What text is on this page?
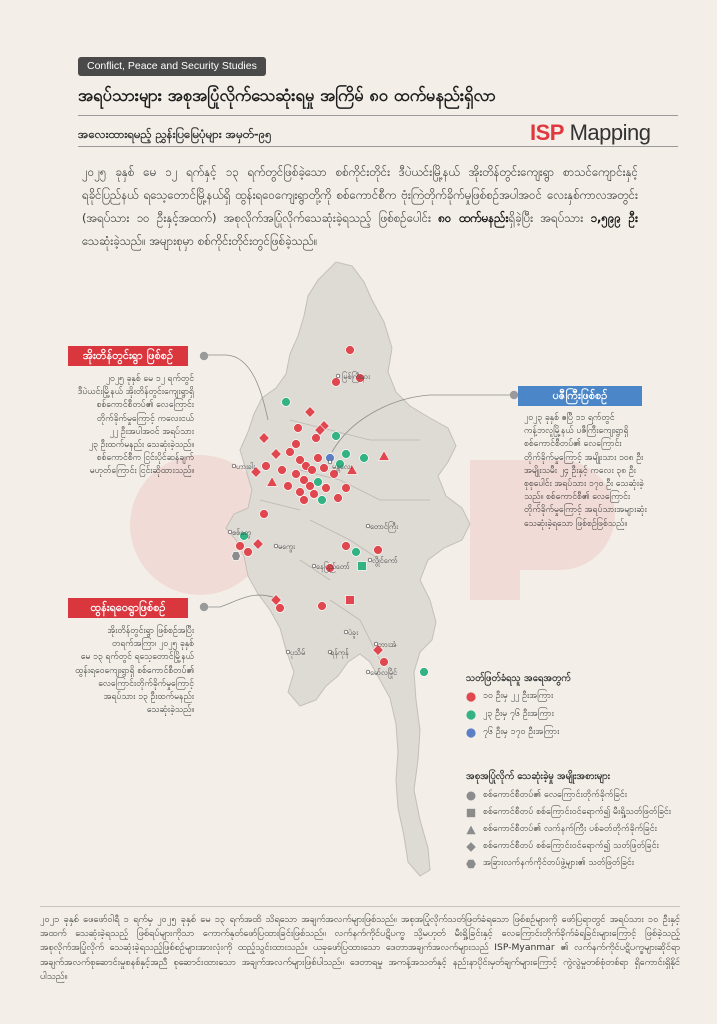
Conflict, Peace and Security Studies
အရပ်သားများ အစုအပြုံလိုက်သေဆုံးရမှု အကြိမ် ၈၀ ထက်မနည်းရှိလာ
အလေးထားရမည့် ညွှန်းပြမြေပုံများ အမှတ်-၉၅	ISP Mapping
၂၀၂၅ ခုနှစ် မေ ၁၂ ရက်နှင့် ၁၃ ရက်တွင်ဖြစ်ခဲ့သော စစ်ကိုင်းတိုင်း ဒီပဲယင်းမြို့နယ် အိုးတိန်တွင်းကျေးရွာ စာသင်ကျောင်းနှင့် ရခိုင်ပြည်နယ် ရသေ့တောင်မြို့နယ်ရှိ ထွန်းရဝေကျေးရွာတို့ကို စစ်ကောင်စီက ဗုံးကြဲတိုက်ခိုက်မှုဖြစ်စဉ်အပါအဝင် လေးနှစ်ကာလအတွင်း (အရပ်သား ၁၀ ဦးနှင့်အထက်) အစုလိုက်အပြုံလိုက်သေဆုံးခဲ့ရသည့် ဖြစ်စဉ်ပေါင်း ၈၀ ထက်မနည်းရှိခဲ့ပြီး အရပ်သား ၁,၅၉၉ ဦး သေဆုံးခဲ့သည်။ အများစုမှာ စစ်ကိုင်းတိုင်းတွင်ဖြစ်ခဲ့သည်။
မြစ်ကြီးနား
မန္တလေး
တောင်ကြီး
နေပြည်တော်
မကွေး
လွိုင်ကော်
ပဲခူး
ရန်ကုန်
ပုသိမ်
ဘားအံ
မော်လမြိုင်
စစ်တွေ
ဟားခါး
အိုးတိန်တွင်းရွာ ဖြစ်စဉ်
၂၀၂၅ ခုနှစ် မေ ၁၂ ရက်တွင်
ဒီပဲယင်းမြို့နယ် အိုးတိန်တွင်းကျေးရွာရှိ
စစ်ကောင်စီတပ်၏ လေကြောင်း
တိုက်ခိုက်မှုကြောင့် ကလေးငယ်
၂၂ ဦးအပါအဝင် အရပ်သား
၂၃ ဦးထက်မနည်း သေဆုံးခဲ့သည်။
စစ်ကောင်စီက ငြင်းပိုင်ဆန်ချက်
မဟုတ်ကြောင်း ငြင်းဆိုထားသည်။
ပဇီကြီးဖြစ်စဉ်
၂၀၂၃ ခုနှစ် ဧပြီ ၁၁ ရက်တွင်
ကန့်ဘလူမြို့နယ် ပဇီကြီးကျေးရွာရှိ
စစ်ကောင်စီတပ်၏ လေကြောင်း
တိုက်ခိုက်မှုကြောင့် အမျိုးသား ၁၀၈ ဦး
အမျိုးသမီး ၂၄ ဦးနှင့် ကလေး ၃၈ ဦး
စုစုပေါင်း အရပ်သား ၁၇၀ ဦး သေဆုံးခဲ့
သည်။ စစ်ကောင်စီ၏ လေကြောင်း
တိုက်ခိုက်မှုကြောင့် အရပ်သားအများဆုံး
သေဆုံးခဲ့ရသော ဖြစ်စဉ်ဖြစ်သည်။
ထွန်းရဝေရွာဖြစ်စဉ်
အိုးတိန်တွင်းရွာ ဖြစ်စဉ်အပြီး
တရက်အကြာ၊ ၂၀၂၅ ခုနှစ်
မေ ၁၃ ရက်တွင် ရသေ့တောင်မြို့နယ်
ထွန်းရဝေကျေးရွာရှိ စစ်ကောင်စီတပ်၏
လေကြောင်းတိုက်ခိုက်မှုကြောင့်
အရပ်သား ၁၃ ဦးထက်မနည်း
သေဆုံးခဲ့သည်။
သတ်ဖြတ်ခံရသူ အရေအတွက်
၁၀ ဦးမှ ၂၂ ဦးအကြား
၂၃ ဦးမှ ၇၆ ဦးအကြား
၇၆ ဦးမှ ၁၇၀ ဦးအကြား
အစုအပြုံလိုက် သေဆုံးခဲ့မှု အမျိုးအစားများ
စစ်ကောင်စီတပ်၏ လေကြောင်းတိုက်ခိုက်ခြင်း
စစ်ကောင်စီတပ် စစ်ကြောင်းဝင်ရောက်၍ မီးရှို့သတ်ဖြတ်ခြင်း
စစ်ကောင်စီတပ်၏ လက်နက်ကြီး ပစ်ခတ်တိုက်ခိုက်ခြင်း
စစ်ကောင်စီတပ် စစ်ကြောင်းဝင်ရောက်၍ သတ်ဖြတ်ခြင်း
အခြားလက်နက်ကိုင်တပ်ဖွဲ့များ၏ သတ်ဖြတ်ခြင်း
၂၀၂၁ ခုနှစ် ဖေဖော်ဝါရီ ၁ ရက်မှ ၂၀၂၅ ခုနှစ် မေ ၁၃ ရက်အထိ သိရသော အချက်အလက်များဖြစ်သည်။ အစုအပြုံလိုက်သတ်ဖြတ်ခံရသော ဖြစ်စဉ်များကို ဖော်ပြရာတွင် အရပ်သား ၁၀ ဦးနှင့်အထက် သေဆုံးခဲ့ရသည့် ဖြစ်ရပ်များကိုသာ ကောက်နုတ်ဖော်ပြထားခြင်းဖြစ်သည်။ လက်နက်ကိုင်ပဋိပက္ခ သို့မဟုတ် မီးရှို့ခြင်းနှင့် လေကြောင်းတိုက်ခိုက်ခံရခြင်းများကြောင့် ဖြစ်ခဲ့သည့် အစုလိုက်အပြုံလိုက် သေဆုံးခဲ့ရသည့်ဖြစ်စဉ်များအားလုံးကို ထည့်သွင်းထားသည်။ ယခုဖော်ပြထားသော ဒေတာအချက်အလက်များသည် ISP-Myanmar ၏ လက်နက်ကိုင်ပဋိပက္ခများဆိုင်ရာ အချက်အလက်စုဆောင်းမှုစနစ်နှင့်အညီ စုဆောင်းထားသော အချက်အလက်များဖြစ်ပါသည်။ ဒေတာရမှု အကန့်အသတ်နှင့် နည်းနာပိုင်းမှတ်ချက်များကြောင့် ကွဲလွဲမှုတစ်စုံတစ်ရာ ရှိကောင်းရှိနိုင်ပါသည်။
